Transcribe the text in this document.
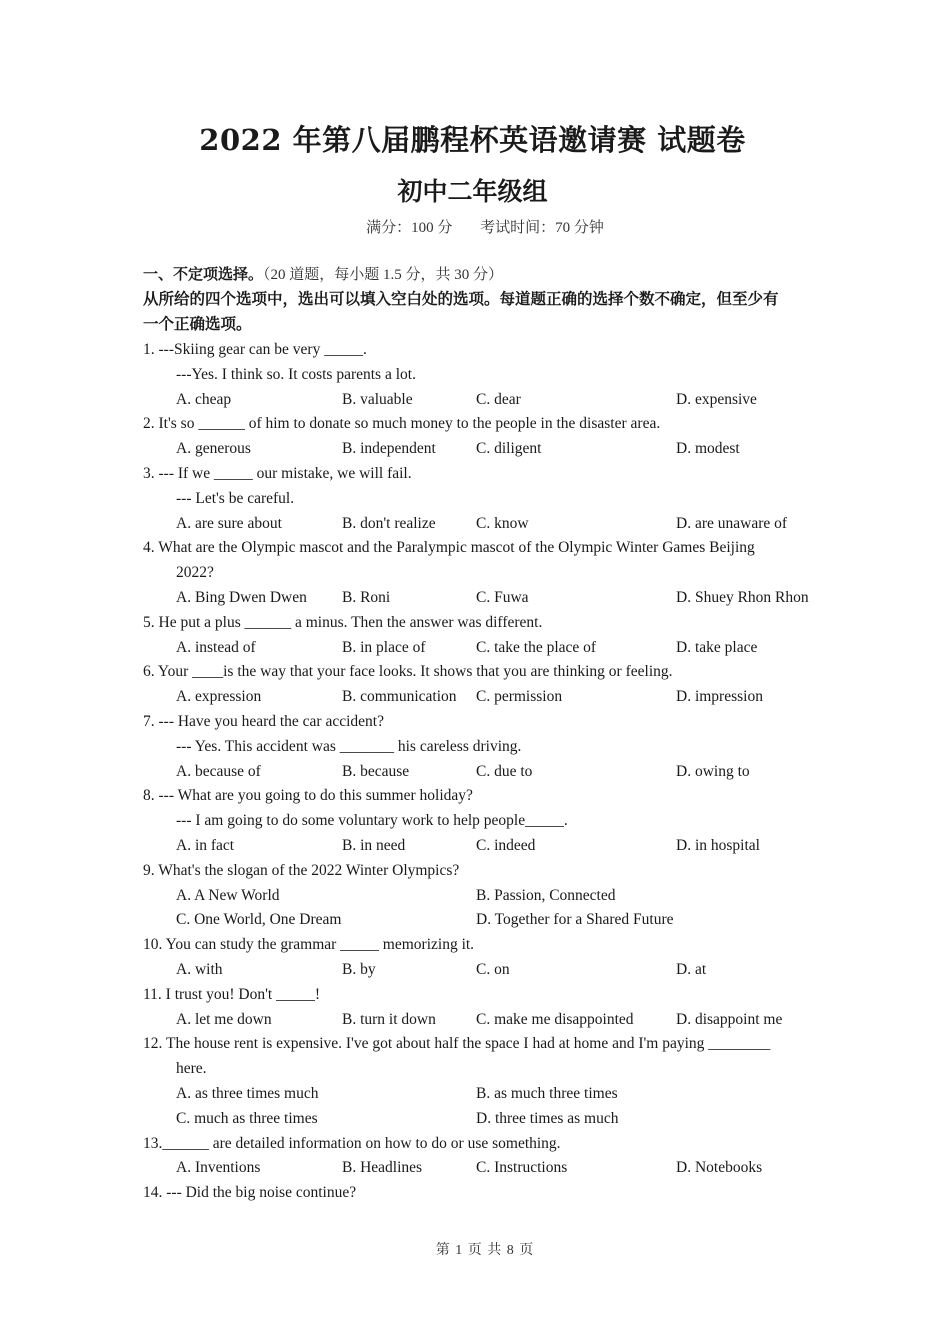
2022 年第八届鹏程杯英语邀请赛 试题卷
初中二年级组
满分：100 分 考试时间：70 分钟
一、不定项选择。（20 道题，每小题 1.5 分，共 30 分）
从所给的四个选项中，选出可以填入空白处的选项。每道题正确的选择个数不确定，但至少有
一个正确选项。
1. ---Skiing gear can be very _____.
---Yes. I think so. It costs parents a lot.
A. cheap	B. valuable	C. dear	D. expensive
2. It's so ______ of him to donate so much money to the people in the disaster area.
A. generous	B. independent	C. diligent	D. modest
3. --- If we _____ our mistake, we will fail.
--- Let's be careful.
A. are sure about	B. don't realize	C. know	D. are unaware of
4. What are the Olympic mascot and the Paralympic mascot of the Olympic Winter Games Beijing
2022?
A. Bing Dwen Dwen B. Roni	C. Fuwa	D. Shuey Rhon Rhon
5. He put a plus ______ a minus. Then the answer was different.
A. instead of	B. in place of	C. take the place of	D. take place
6. Your ____is the way that your face looks. It shows that you are thinking or feeling.
A. expression	B. communication C. permission	D. impression
7. --- Have you heard the car accident?
--- Yes. This accident was _______ his careless driving.
A. because of	B. because	C. due to	D. owing to
8. --- What are you going to do this summer holiday?
--- I am going to do some voluntary work to help people_____.
A. in fact	B. in need	C. indeed	D. in hospital
9. What's the slogan of the 2022 Winter Olympics?
A. A New World	B. Passion, Connected
C. One World, One Dream	D. Together for a Shared Future
10. You can study the grammar _____ memorizing it.
A. with	B. by	C. on	D. at
11. I trust you! Don't _____!
A. let me down	B. turn it down	C. make me disappointed	D. disappoint me
12. The house rent is expensive. I've got about half the space I had at home and I'm paying ________
here.
A. as three times much	B. as much three times
C. much as three times	D. three times as much
13.______ are detailed information on how to do or use something.
A. Inventions	B. Headlines	C. Instructions	D. Notebooks
14. --- Did the big noise continue?
第 1 页 共 8 页
